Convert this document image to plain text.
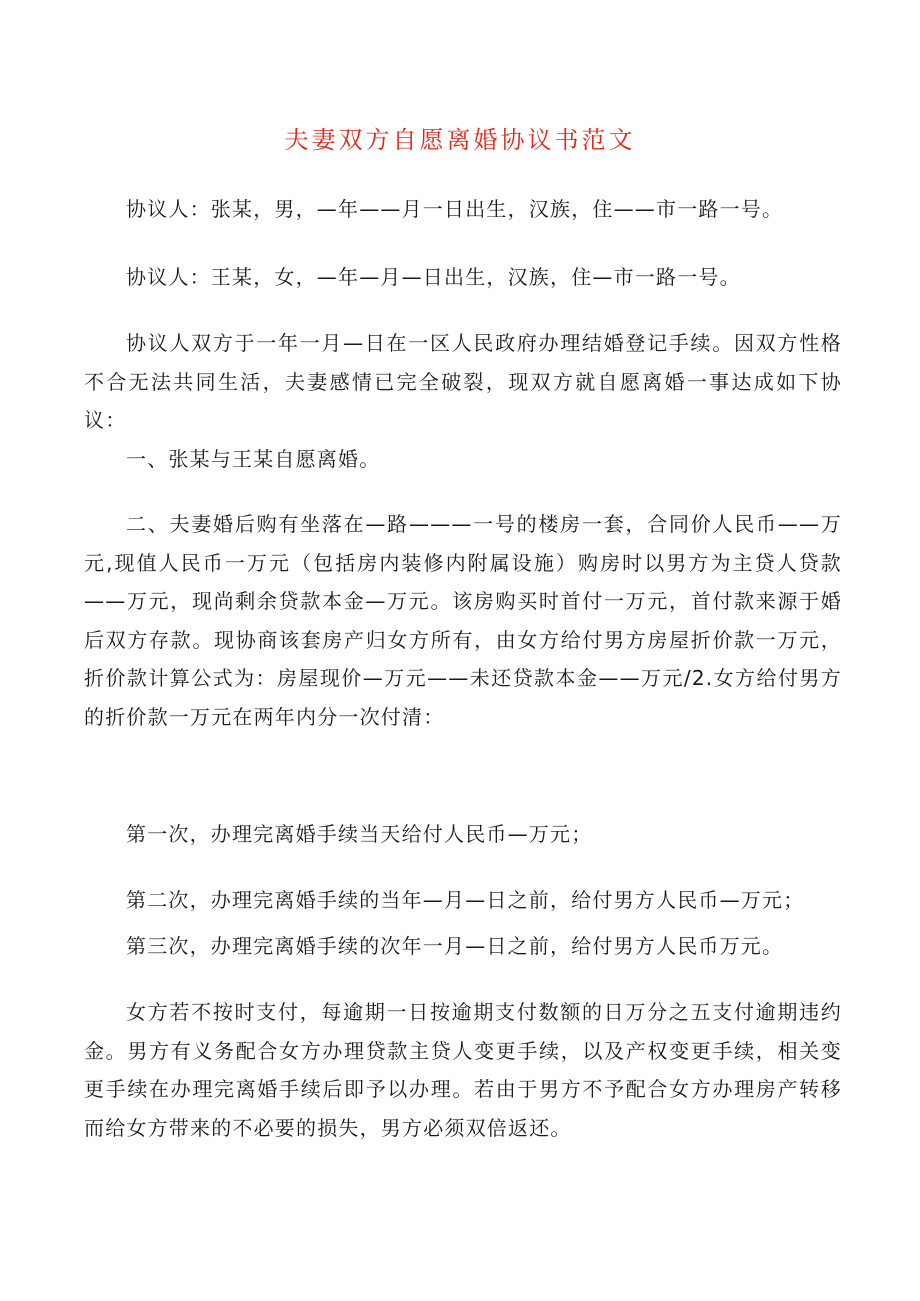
夫妻双方自愿离婚协议书范文

协议人：张某，男，—年——月一日出生，汉族，住——市一路一号。

协议人：王某，女，—年—月—日出生，汉族，住—市一路一号。

协议人双方于一年一月—日在一区人民政府办理结婚登记手续。因双方性格不合无法共同生活，夫妻感情已完全破裂，现双方就自愿离婚一事达成如下协议：

一、张某与王某自愿离婚。

二、夫妻婚后购有坐落在—路———一号的楼房一套，合同价人民币——万元,现值人民币一万元（包括房内装修内附属设施）购房时以男方为主贷人贷款——万元，现尚剩余贷款本金—万元。该房购买时首付一万元，首付款来源于婚后双方存款。现协商该套房产归女方所有，由女方给付男方房屋折价款一万元，折价款计算公式为：房屋现价—万元——未还贷款本金——万元/2.女方给付男方的折价款一万元在两年内分一次付清：

第一次，办理完离婚手续当天给付人民币—万元；

第二次，办理完离婚手续的当年—月—日之前，给付男方人民币—万元；

第三次，办理完离婚手续的次年一月—日之前，给付男方人民币万元。

女方若不按时支付，每逾期一日按逾期支付数额的日万分之五支付逾期违约金。男方有义务配合女方办理贷款主贷人变更手续，以及产权变更手续，相关变更手续在办理完离婚手续后即予以办理。若由于男方不予配合女方办理房产转移而给女方带来的不必要的损失，男方必须双倍返还。
